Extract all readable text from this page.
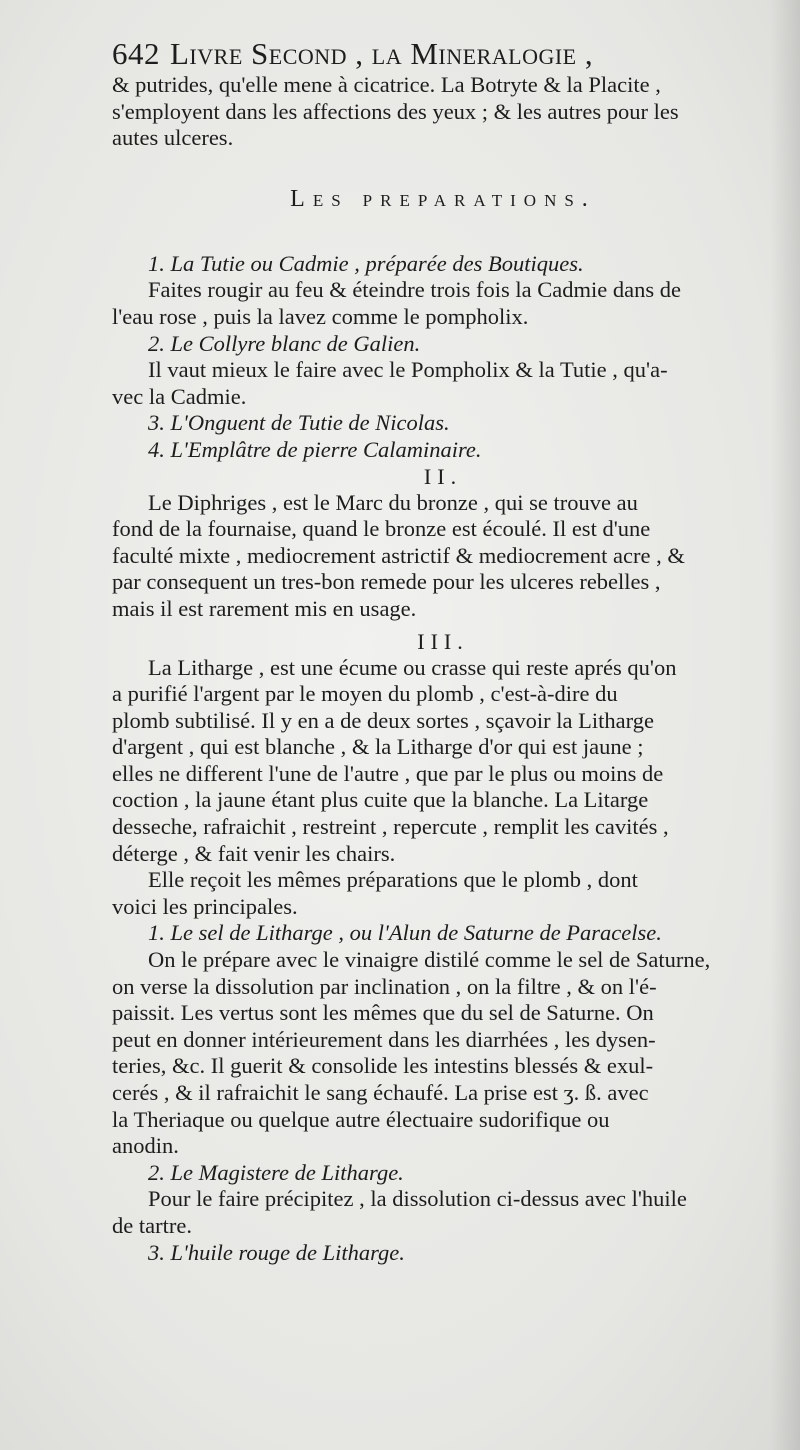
642 Livre Second , la Mineralogie ,
& putrides, qu'elle mene à cicatrice. La Botryte & la Placite ,
s'employent dans les affections des yeux ; & les autres pour les
autes ulceres.
Les preparations.
1. La Tutie ou Cadmie , préparée des Boutiques.
Faites rougir au feu & éteindre trois fois la Cadmie dans de
l'eau rose , puis la lavez comme le pompholix.
2. Le Collyre blanc de Galien.
Il vaut mieux le faire avec le Pompholix & la Tutie , qu'a-
vec la Cadmie.
3. L'Onguent de Tutie de Nicolas.
4. L'Emplâtre de pierre Calaminaire.
II.
Le Diphriges , est le Marc du bronze , qui se trouve au
fond de la fournaise, quand le bronze est écoulé. Il est d'une
faculté mixte , mediocrement astrictif & mediocrement acre , &
par consequent un tres-bon remede pour les ulceres rebelles ,
mais il est rarement mis en usage.
III.
La Litharge , est une écume ou crasse qui reste aprés qu'on
a purifié l'argent par le moyen du plomb , c'est-à-dire du
plomb subtilisé. Il y en a de deux sortes , sçavoir la Litharge
d'argent , qui est blanche , & la Litharge d'or qui est jaune ;
elles ne different l'une de l'autre , que par le plus ou moins de
coction , la jaune étant plus cuite que la blanche. La Litarge
desseche, rafraichit , restreint , repercute , remplit les cavités ,
déterge , & fait venir les chairs.
Elle reçoit les mêmes préparations que le plomb , dont
voici les principales.
1. Le sel de Litharge , ou l'Alun de Saturne de Paracelse.
On le prépare avec le vinaigre distilé comme le sel de Saturne,
on verse la dissolution par inclination , on la filtre , & on l'é-
paissit. Les vertus sont les mêmes que du sel de Saturne. On
peut en donner intérieurement dans les diarrhées , les dysen-
teries, &c. Il guerit & consolide les intestins blessés & exul-
cerés , & il rafraichit le sang échaufé. La prise est ʒ. ß. avec
la Theriaque ou quelque autre électuaire sudorifique ou
anodin.
2. Le Magistere de Litharge.
Pour le faire précipitez , la dissolution ci-dessus avec l'huile
de tartre.
3. L'huile rouge de Litharge.
